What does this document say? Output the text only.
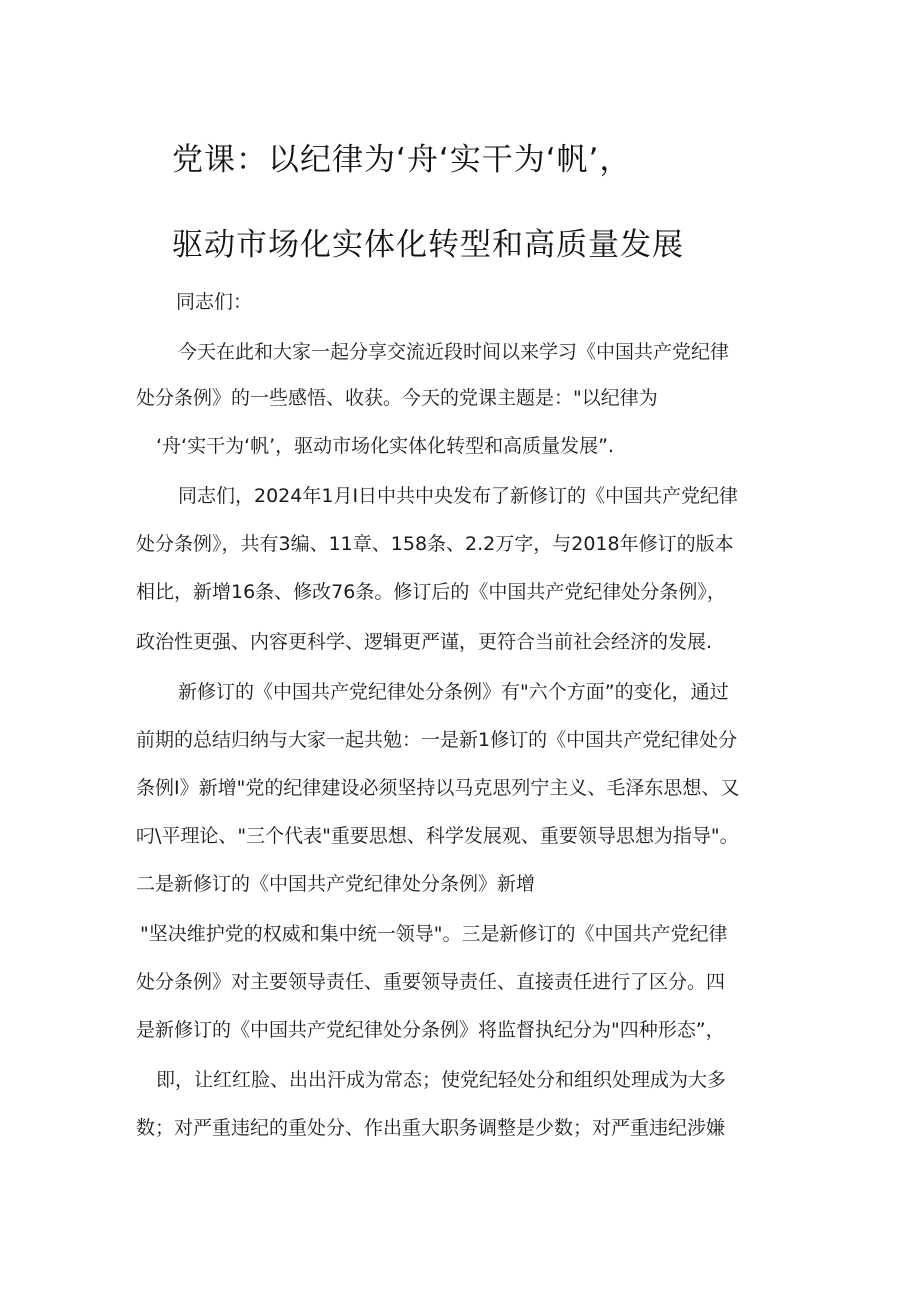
党课：以纪律为‘舟‘实干为‘帆’，
驱动市场化实体化转型和高质量发展
同志们：
今天在此和大家一起分享交流近段时间以来学习《中国共产党纪律
处分条例》的一些感悟、收获。今天的党课主题是："以纪律为
‘舟‘实干为‘帆’，驱动市场化实体化转型和高质量发展”.
同志们，2024年1月I日中共中央发布了新修订的《中国共产党纪律
处分条例》，共有3编、11章、158条、2.2万字，与2018年修订的版本
相比，新增16条、修改76条。修订后的《中国共产党纪律处分条例》，
政治性更强、内容更科学、逻辑更严谨，更符合当前社会经济的发展.
新修订的《中国共产党纪律处分条例》有"六个方面”的变化，通过
前期的总结归纳与大家一起共勉：一是新1修订的《中国共产党纪律处分
条例I》新增"党的纪律建设必须坚持以马克思列宁主义、毛泽东思想、又
叼\平理论、"三个代表"重要思想、科学发展观、重要领导思想为指导"。
二是新修订的《中国共产党纪律处分条例》新增
"坚决维护党的权威和集中统一领导"。三是新修订的《中国共产党纪律
处分条例》对主要领导责任、重要领导责任、直接责任进行了区分。四
是新修订的《中国共产党纪律处分条例》将监督执纪分为"四种形态”，
即，让红红脸、出出汗成为常态；使党纪轻处分和组织处理成为大多
数；对严重违纪的重处分、作出重大职务调整是少数；对严重违纪涉嫌
